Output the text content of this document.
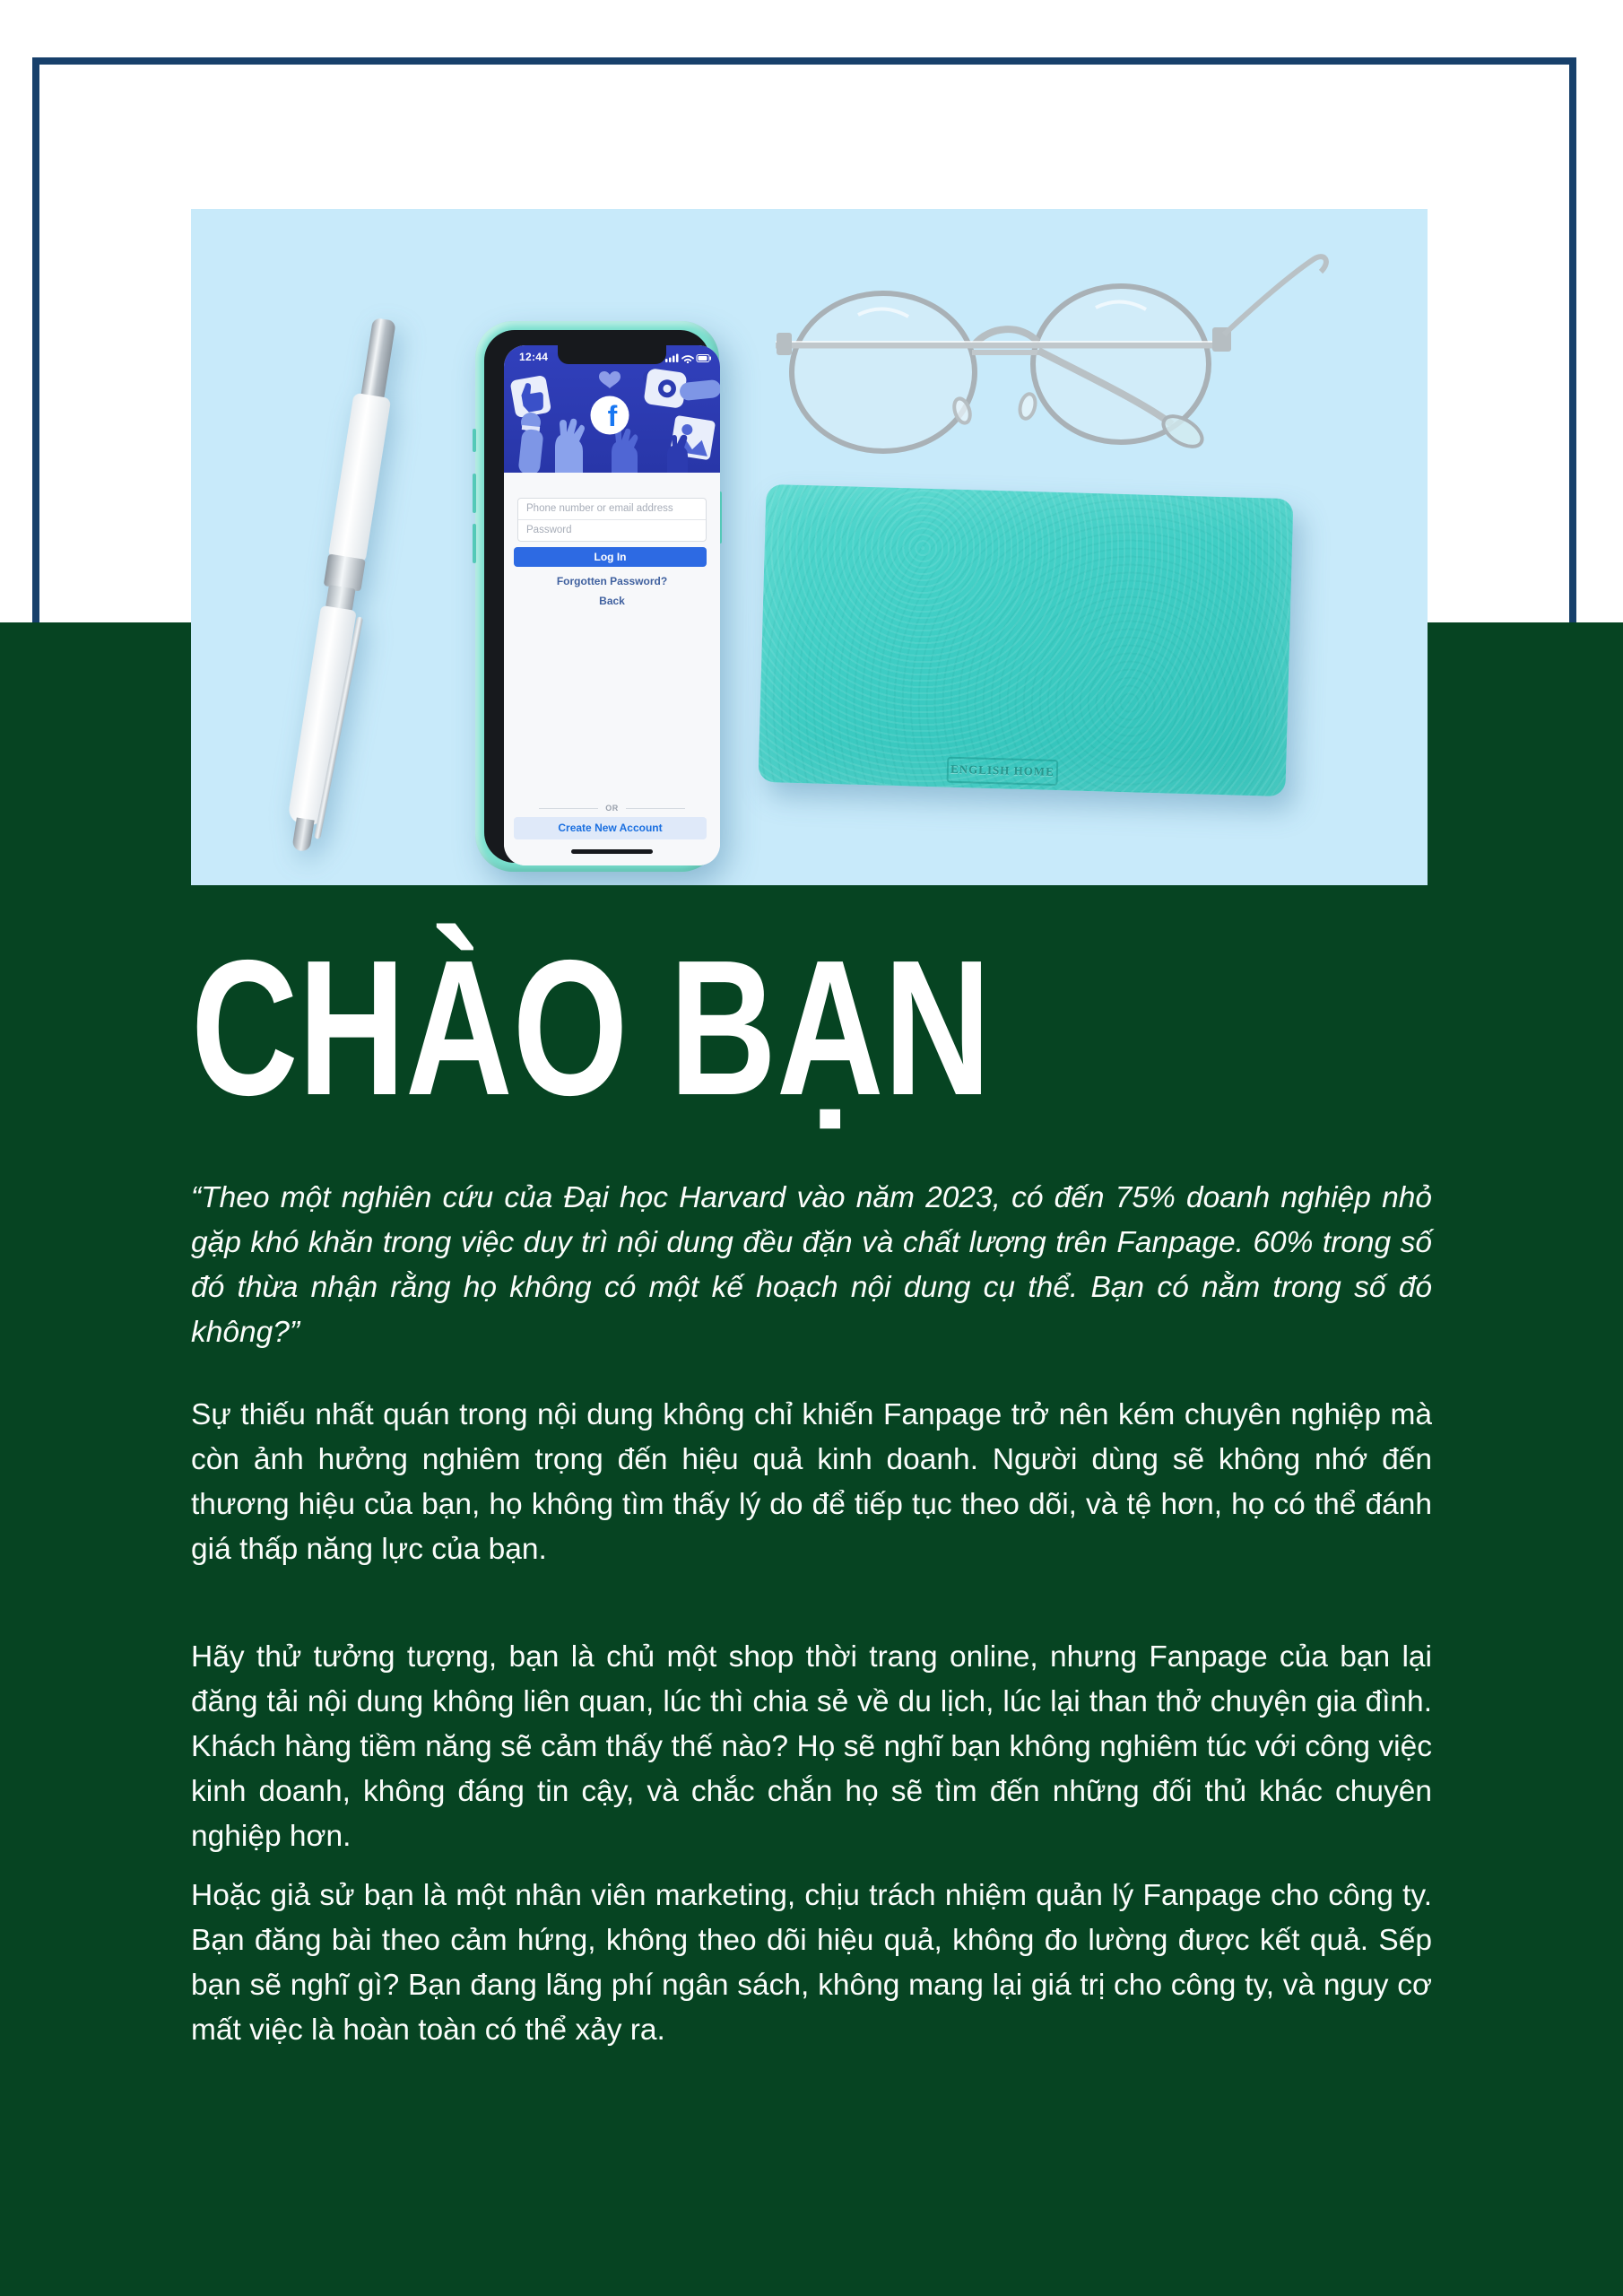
f
12:44
Phone number or email address
Password
Log In
Forgotten Password?
Back
OR
Create New Account
ENGLISH HOME
CHÀO BẠN

“Theo một nghiên cứu của Đại học Harvard vào năm 2023, có đến 75% doanh nghiệp nhỏ gặp khó khăn trong việc duy trì nội dung đều đặn và chất lượng trên Fanpage. 60% trong số đó thừa nhận rằng họ không có một kế hoạch nội dung cụ thể. Bạn có nằm trong số đó không?”

Sự thiếu nhất quán trong nội dung không chỉ khiến Fanpage trở nên kém chuyên nghiệp mà còn ảnh hưởng nghiêm trọng đến hiệu quả kinh doanh. Người dùng sẽ không nhớ đến thương hiệu của bạn, họ không tìm thấy lý do để tiếp tục theo dõi, và tệ hơn, họ có thể đánh giá thấp năng lực của bạn.

Hãy thử tưởng tượng, bạn là chủ một shop thời trang online, nhưng Fanpage của bạn lại đăng tải nội dung không liên quan, lúc thì chia sẻ về du lịch, lúc lại than thở chuyện gia đình. Khách hàng tiềm năng sẽ cảm thấy thế nào? Họ sẽ nghĩ bạn không nghiêm túc với công việc kinh doanh, không đáng tin cậy, và chắc chắn họ sẽ tìm đến những đối thủ khác chuyên nghiệp hơn.

Hoặc giả sử bạn là một nhân viên marketing, chịu trách nhiệm quản lý Fanpage cho công ty. Bạn đăng bài theo cảm hứng, không theo dõi hiệu quả, không đo lường được kết quả. Sếp bạn sẽ nghĩ gì? Bạn đang lãng phí ngân sách, không mang lại giá trị cho công ty, và nguy cơ mất việc là hoàn toàn có thể xảy ra.
